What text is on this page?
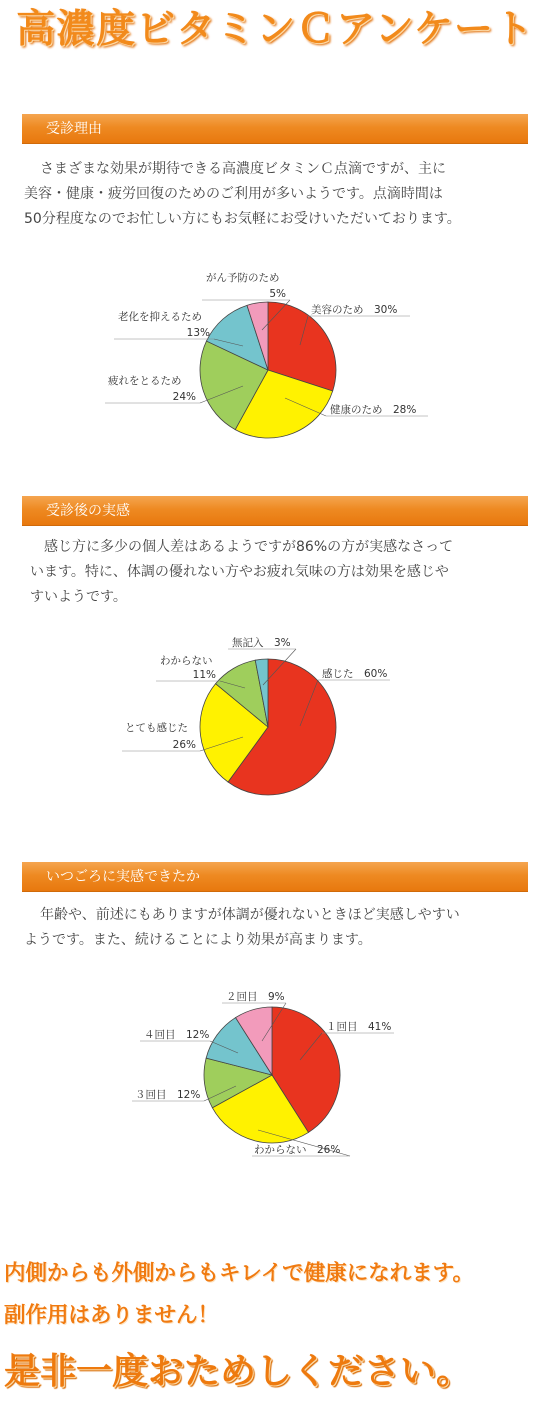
高濃度ビタミンＣアンケート
受診理由

さまざまな効果が期待できる高濃度ビタミンＣ点滴ですが、主に

美容・健康・疲労回復のためのご利用が多いようです。点滴時間は

50分程度なのでお忙しい方にもお気軽にお受けいただいております。

美容のため　30%
健康のため　28%
疲れをとるため
24%
老化を抑えるため
13%
がん予防のため
5%
感じた　60%
とても感じた
26%
わからない
11%
無記入　3%
１回目　41%
わからない　26%
３回目　12%
４回目　12%
２回目　9%
受診後の実感

感じ方に多少の個人差はあるようですが86%の方が実感なさって

います。特に、体調の優れない方やお疲れ気味の方は効果を感じや

すいようです。

いつごろに実感できたか

年齢や、前述にもありますが体調が優れないときほど実感しやすい

ようです。また、続けることにより効果が高まります。

内側からも外側からもキレイで健康になれます。
副作用はありません！
是非一度おためしください。
